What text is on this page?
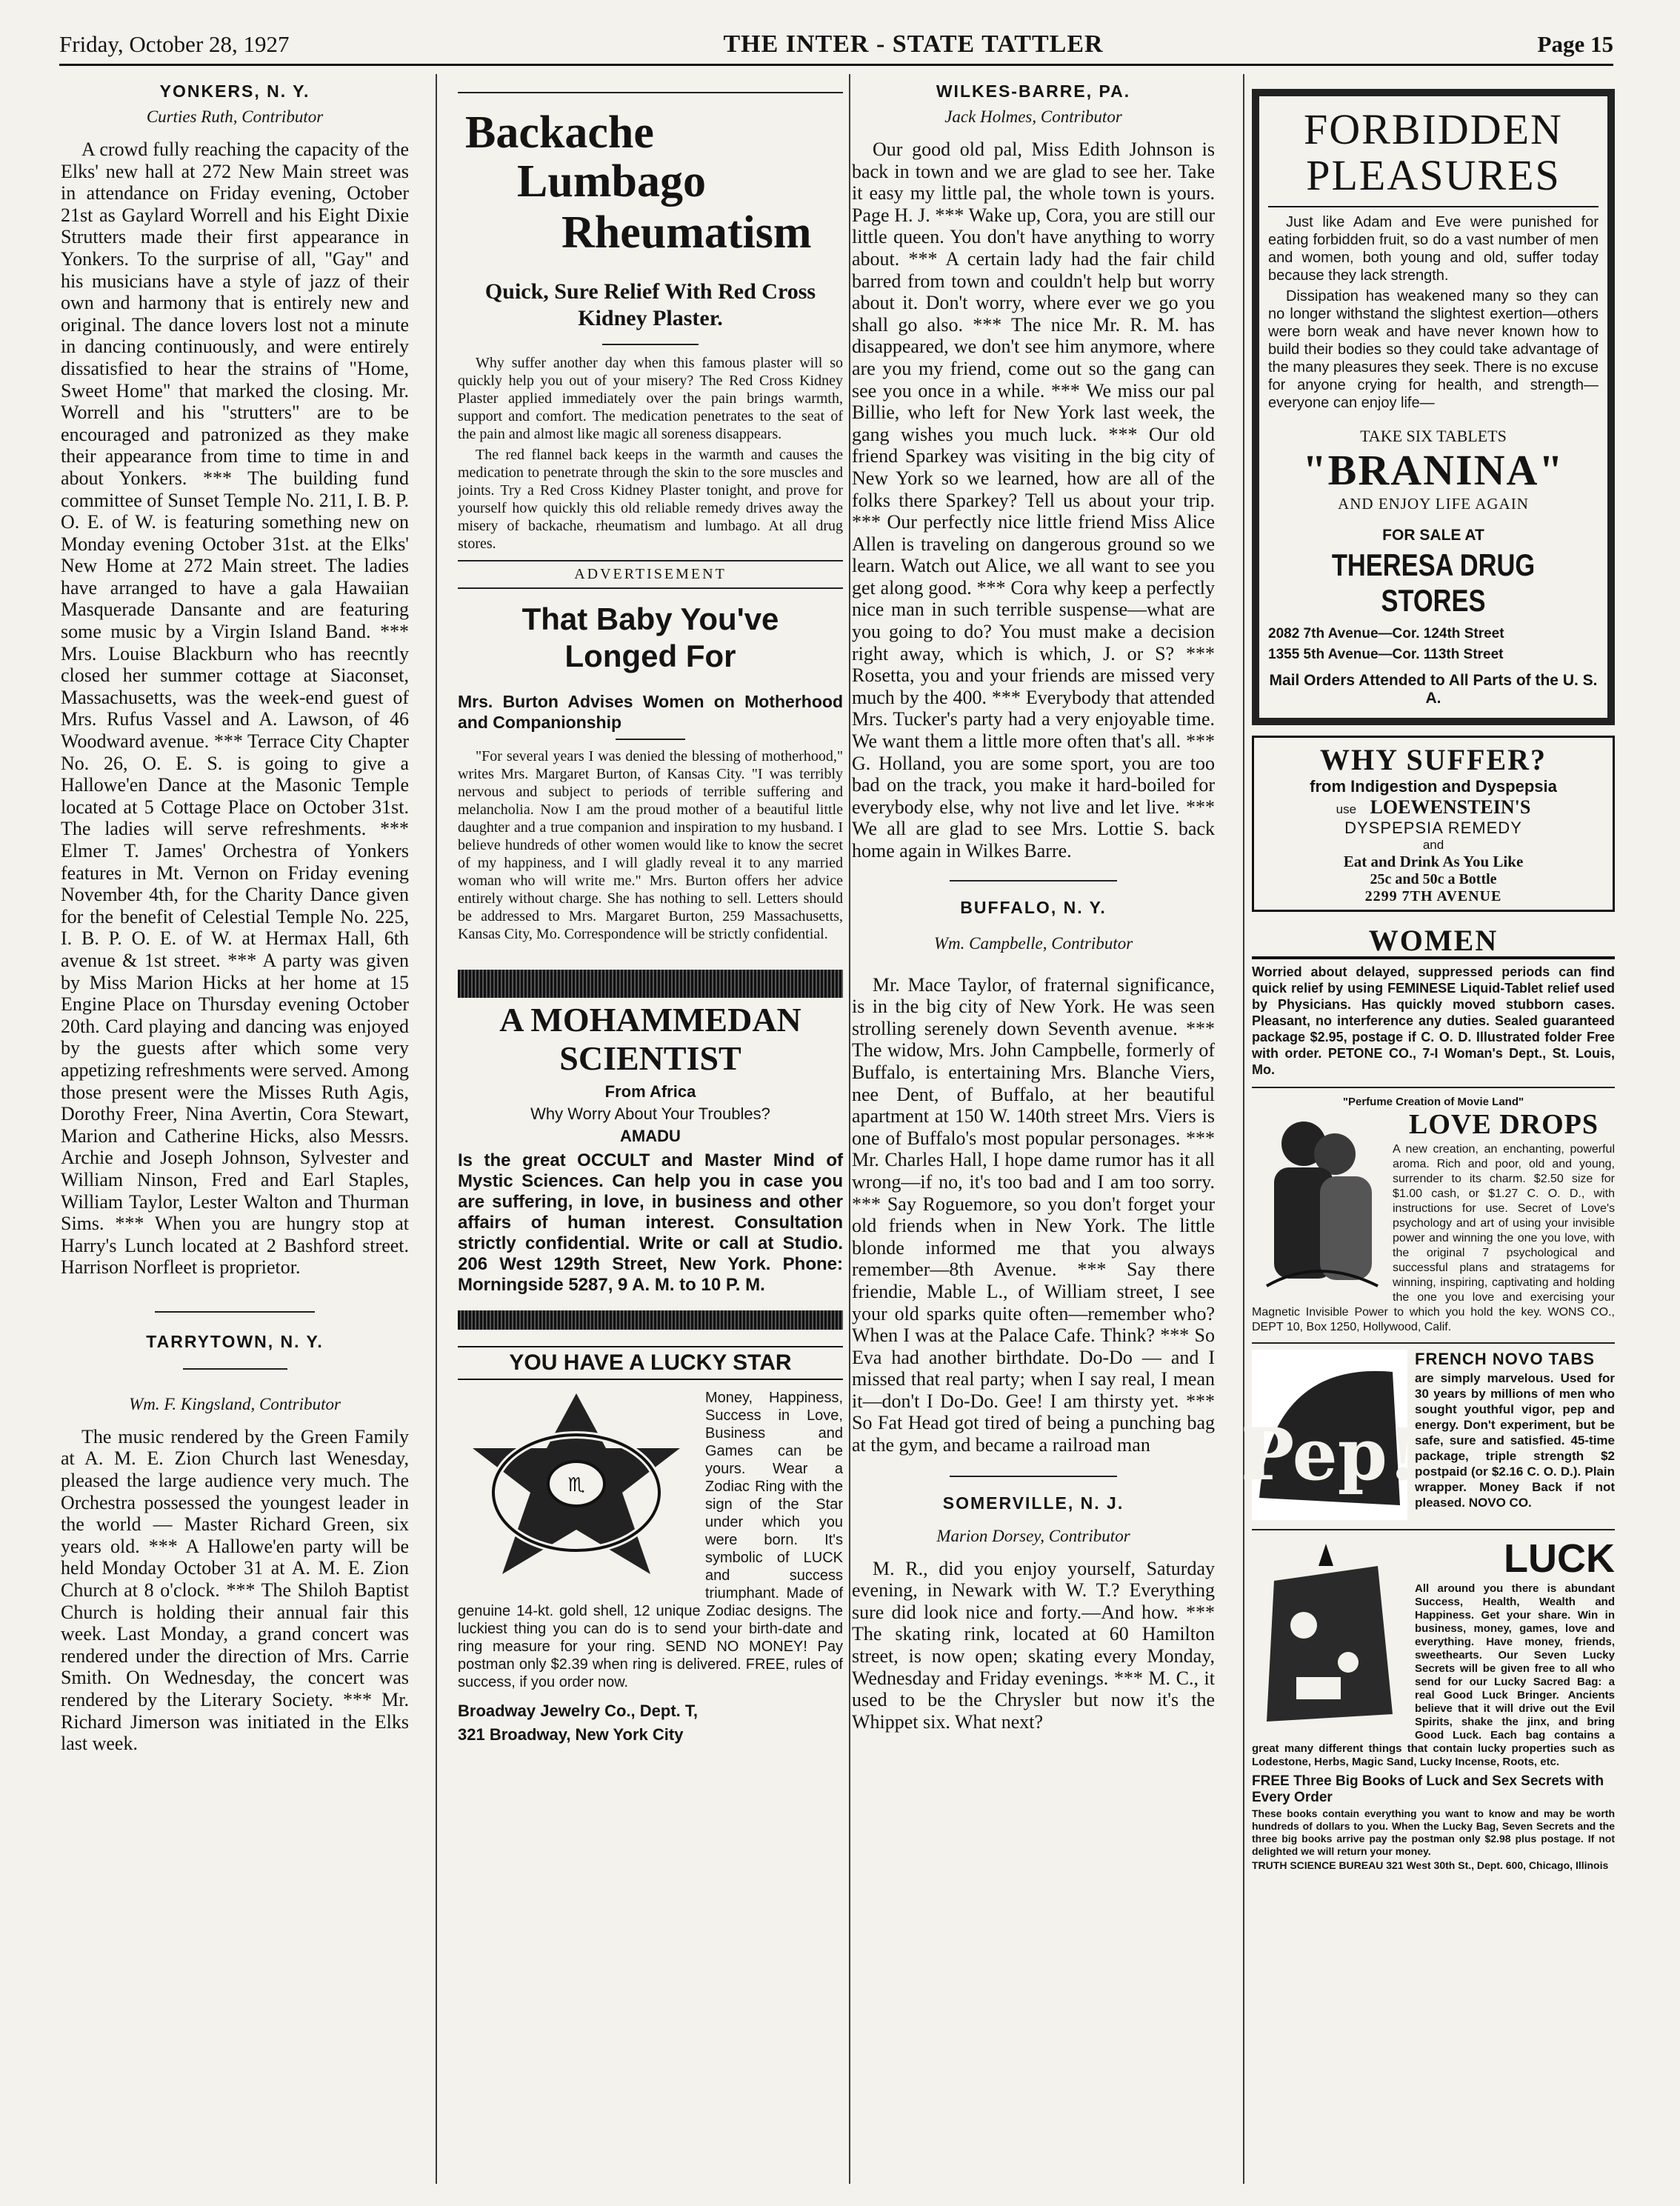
Friday, October 28, 1927	THE INTER - STATE TATTLER	Page 15
YONKERS, N. Y.
Curties Ruth, Contributor

A crowd fully reaching the capacity of the Elks' new hall at 272 New Main street was in attendance on Friday evening, October 21st as Gaylard Worrell and his Eight Dixie Strutters made their first appearance in Yonkers. To the surprise of all, "Gay" and his musicians have a style of jazz of their own and harmony that is entirely new and original. The dance lovers lost not a minute in dancing continuously, and were entirely dissatisfied to hear the strains of "Home, Sweet Home" that marked the closing. Mr. Worrell and his "strutters" are to be encouraged and patronized as they make their appearance from time to time in and about Yonkers. *** The building fund committee of Sunset Temple No. 211, I. B. P. O. E. of W. is featuring something new on Monday evening October 31st. at the Elks' New Home at 272 Main street. The ladies have arranged to have a gala Hawaiian Masquerade Dansante and are featuring some music by a Virgin Island Band. *** Mrs. Louise Blackburn who has reecntly closed her summer cottage at Siaconset, Massachusetts, was the week-end guest of Mrs. Rufus Vassel and A. Lawson, of 46 Woodward avenue. *** Terrace City Chapter No. 26, O. E. S. is going to give a Hallowe'en Dance at the Masonic Temple located at 5 Cottage Place on October 31st. The ladies will serve refreshments. *** Elmer T. James' Orchestra of Yonkers features in Mt. Vernon on Friday evening November 4th, for the Charity Dance given for the benefit of Celestial Temple No. 225, I. B. P. O. E. of W. at Hermax Hall, 6th avenue & 1st street. *** A party was given by Miss Marion Hicks at her home at 15 Engine Place on Thursday evening October 20th. Card playing and dancing was enjoyed by the guests after which some very appetizing refreshments were served. Among those present were the Misses Ruth Agis, Dorothy Freer, Nina Avertin, Cora Stewart, Marion and Catherine Hicks, also Messrs. Archie and Joseph Johnson, Sylvester and William Ninson, Fred and Earl Staples, William Taylor, Lester Walton and Thurman Sims. *** When you are hungry stop at Harry's Lunch located at 2 Bashford street. Harrison Norfleet is proprietor.

TARRYTOWN, N. Y.
Wm. F. Kingsland, Contributor

The music rendered by the Green Family at A. M. E. Zion Church last Wenesday, pleased the large audience very much. The Orchestra possessed the youngest leader in the world — Master Richard Green, six years old. *** A Hallowe'en party will be held Monday October 31 at A. M. E. Zion Church at 8 o'clock. *** The Shiloh Baptist Church is holding their annual fair this week. Last Monday, a grand concert was rendered under the direction of Mrs. Carrie Smith. On Wednesday, the concert was rendered by the Literary Society. *** Mr. Richard Jimerson was initiated in the Elks last week.

Backache
Lumbago
Rheumatism
Quick, Sure Relief With Red Cross Kidney Plaster.

Why suffer another day when this famous plaster will so quickly help you out of your misery? The Red Cross Kidney Plaster applied immediately over the pain brings warmth, support and comfort. The medication penetrates to the seat of the pain and almost like magic all soreness disappears.

The red flannel back keeps in the warmth and causes the medication to penetrate through the skin to the sore muscles and joints. Try a Red Cross Kidney Plaster tonight, and prove for yourself how quickly this old reliable remedy drives away the misery of backache, rheumatism and lumbago. At all drug stores.

ADVERTISEMENT
That Baby You've Longed For
Mrs. Burton Advises Women on Motherhood and Companionship

"For several years I was denied the blessing of motherhood," writes Mrs. Margaret Burton, of Kansas City. "I was terribly nervous and subject to periods of terrible suffering and melancholia. Now I am the proud mother of a beautiful little daughter and a true companion and inspiration to my husband. I believe hundreds of other women would like to know the secret of my happiness, and I will gladly reveal it to any married woman who will write me." Mrs. Burton offers her advice entirely without charge. She has nothing to sell. Letters should be addressed to Mrs. Margaret Burton, 259 Massachusetts, Kansas City, Mo. Correspondence will be strictly confidential.

A MOHAMMEDAN SCIENTIST
From Africa
Why Worry About Your Troubles?
AMADU

Is the great OCCULT and Master Mind of Mystic Sciences. Can help you in case you are suffering, in love, in business and other affairs of human interest. Consultation strictly confidential. Write or call at Studio. 206 West 129th Street, New York. Phone: Morningside 5287, 9 A. M. to 10 P. M.

YOU HAVE A LUCKY STAR
♏

Money, Happiness, Success in Love, Business and Games can be yours. Wear a Zodiac Ring with the sign of the Star under which you were born. It's symbolic of LUCK and success triumphant. Made of genuine 14-kt. gold shell, 12 unique Zodiac designs. The luckiest thing you can do is to send your birth-date and ring measure for your ring. SEND NO MONEY! Pay postman only $2.39 when ring is delivered. FREE, rules of success, if you order now.

Broadway Jewelry Co., Dept. T,
321 Broadway, New York City
WILKES-BARRE, PA.
Jack Holmes, Contributor

Our good old pal, Miss Edith Johnson is back in town and we are glad to see her. Take it easy my little pal, the whole town is yours. Page H. J. *** Wake up, Cora, you are still our little queen. You don't have anything to worry about. *** A certain lady had the fair child barred from town and couldn't help but worry about it. Don't worry, where ever we go you shall go also. *** The nice Mr. R. M. has disappeared, we don't see him anymore, where are you my friend, come out so the gang can see you once in a while. *** We miss our pal Billie, who left for New York last week, the gang wishes you much luck. *** Our old friend Sparkey was visiting in the big city of New York so we learned, how are all of the folks there Sparkey? Tell us about your trip. *** Our perfectly nice little friend Miss Alice Allen is traveling on dangerous ground so we learn. Watch out Alice, we all want to see you get along good. *** Cora why keep a perfectly nice man in such terrible suspense—what are you going to do? You must make a decision right away, which is which, J. or S? *** Rosetta, you and your friends are missed very much by the 400. *** Everybody that attended Mrs. Tucker's party had a very enjoyable time. We want them a little more often that's all. *** G. Holland, you are some sport, you are too bad on the track, you make it hard-boiled for everybody else, why not live and let live. *** We all are glad to see Mrs. Lottie S. back home again in Wilkes Barre.

BUFFALO, N. Y.
Wm. Campbelle, Contributor

Mr. Mace Taylor, of fraternal significance, is in the big city of New York. He was seen strolling serenely down Seventh avenue. *** The widow, Mrs. John Campbelle, formerly of Buffalo, is entertaining Mrs. Blanche Viers, nee Dent, of Buffalo, at her beautiful apartment at 150 W. 140th street Mrs. Viers is one of Buffalo's most popular personages. *** Mr. Charles Hall, I hope dame rumor has it all wrong—if no, it's too bad and I am too sorry. *** Say Roguemore, so you don't forget your old friends when in New York. The little blonde informed me that you always remember—8th Avenue. *** Say there friendie, Mable L., of William street, I see your old sparks quite often—remember who? When I was at the Palace Cafe. Think? *** So Eva had another birthdate. Do-Do — and I missed that real party; when I say real, I mean it—don't I Do-Do. Gee! I am thirsty yet. *** So Fat Head got tired of being a punching bag at the gym, and became a railroad man

SOMERVILLE, N. J.
Marion Dorsey, Contributor

M. R., did you enjoy yourself, Saturday evening, in Newark with W. T.? Everything sure did look nice and forty.—And how. *** The skating rink, located at 60 Hamilton street, is now open; skating every Monday, Wednesday and Friday evenings. *** M. C., it used to be the Chrysler but now it's the Whippet six. What next?

FORBIDDEN PLEASURES

Just like Adam and Eve were punished for eating forbidden fruit, so do a vast number of men and women, both young and old, suffer today because they lack strength.

Dissipation has weakened many so they can no longer withstand the slightest exertion—others were born weak and have never known how to build their bodies so they could take advantage of the many pleasures they seek. There is no excuse for anyone crying for health, and strength—everyone can enjoy life—

TAKE SIX TABLETS
"BRANINA"
AND ENJOY LIFE AGAIN
FOR SALE AT
THERESA DRUG STORES
2082 7th Avenue—Cor. 124th Street
1355 5th Avenue—Cor. 113th Street
Mail Orders Attended to All Parts of the U. S. A.
WHY SUFFER?
from Indigestion and Dyspepsia
use LOEWENSTEIN'S
DYSPEPSIA REMEDY
and
Eat and Drink As You Like
25c and 50c a Bottle
2299 7TH AVENUE
WOMEN

Worried about delayed, suppressed periods can find quick relief by using FEMINESE Liquid-Tablet relief used by Physicians. Has quickly moved stubborn cases. Pleasant, no interference any duties. Sealed guaranteed package $2.95, postage if C. O. D. Illustrated folder Free with order. PETONE CO., 7-I Woman's Dept., St. Louis, Mo.

"Perfume Creation of Movie Land"
LOVE DROPS

A new creation, an enchanting, powerful aroma. Rich and poor, old and young, surrender to its charm. $2.50 size for $1.00 cash, or $1.27 C. O. D., with instructions for use. Secret of Love's psychology and art of using your invisible power and winning the one you love, with the original 7 psychological and successful plans and stratagems for winning, inspiring, captivating and holding the one you love and exercising your Magnetic Invisible Power to which you hold the key. WONS CO., DEPT 10, Box 1250, Hollywood, Calif.

Pep!
FRENCH NOVO TABS

are simply marvelous. Used for 30 years by millions of men who sought youthful vigor, pep and energy. Don't experiment, but be safe, sure and satisfied. 45-time package, triple strength $2 postpaid (or $2.16 C. O. D.). Plain wrapper. Money Back if not pleased. NOVO CO.

LUCK

All around you there is abundant Success, Health, Wealth and Happiness. Get your share. Win in business, money, games, love and everything. Have money, friends, sweethearts. Our Seven Lucky Secrets will be given free to all who send for our Lucky Sacred Bag: a real Good Luck Bringer. Ancients believe that it will drive out the Evil Spirits, shake the jinx, and bring Good Luck. Each bag contains a great many different things that contain lucky properties such as Lodestone, Herbs, Magic Sand, Lucky Incense, Roots, etc.

FREE Three Big Books of Luck and Sex Secrets with Every Order

These books contain everything you want to know and may be worth hundreds of dollars to you. When the Lucky Bag, Seven Secrets and the three big books arrive pay the postman only $2.98 plus postage. If not delighted we will return your money.

TRUTH SCIENCE BUREAU 321 West 30th St., Dept. 600, Chicago, Illinois
